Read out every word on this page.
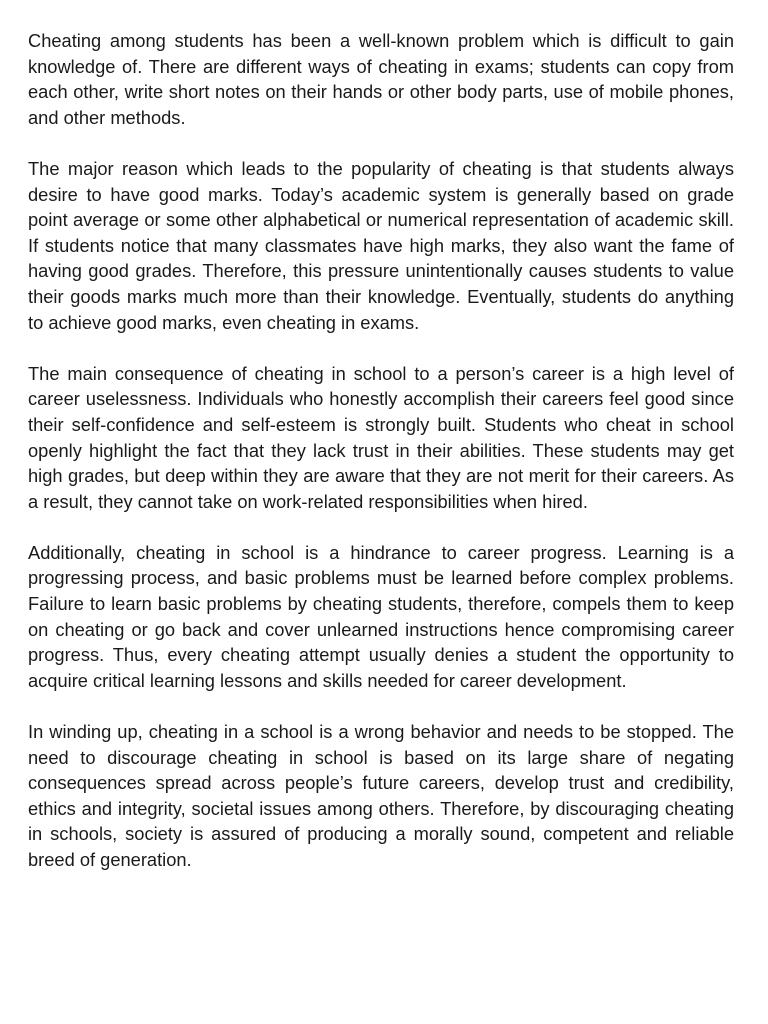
Cheating among students has been a well-known problem which is difficult to gain knowledge of. There are different ways of cheating in exams; students can copy from each other, write short notes on their hands or other body parts, use of mobile phones, and other methods.

The major reason which leads to the popularity of cheating is that students always desire to have good marks. Today’s academic system is generally based on grade point average or some other alphabetical or numerical representation of academic skill. If students notice that many classmates have high marks, they also want the fame of having good grades. Therefore, this pressure unintentionally causes students to value their goods marks much more than their knowledge. Eventually, students do anything to achieve good marks, even cheating in exams.

The main consequence of cheating in school to a person’s career is a high level of career uselessness. Individuals who honestly accomplish their careers feel good since their self-confidence and self-esteem is strongly built. Students who cheat in school openly highlight the fact that they lack trust in their abilities. These students may get high grades, but deep within they are aware that they are not merit for their careers. As a result, they cannot take on work-related responsibilities when hired.

Additionally, cheating in school is a hindrance to career progress. Learning is a progressing process, and basic problems must be learned before complex problems. Failure to learn basic problems by cheating students, therefore, compels them to keep on cheating or go back and cover unlearned instructions hence compromising career progress. Thus, every cheating attempt usually denies a student the opportunity to acquire critical learning lessons and skills needed for career development.

In winding up, cheating in a school is a wrong behavior and needs to be stopped. The need to discourage cheating in school is based on its large share of negating consequences spread across people’s future careers, develop trust and credibility, ethics and integrity, societal issues among others. Therefore, by discouraging cheating in schools, society is assured of producing a morally sound, competent and reliable breed of generation.
